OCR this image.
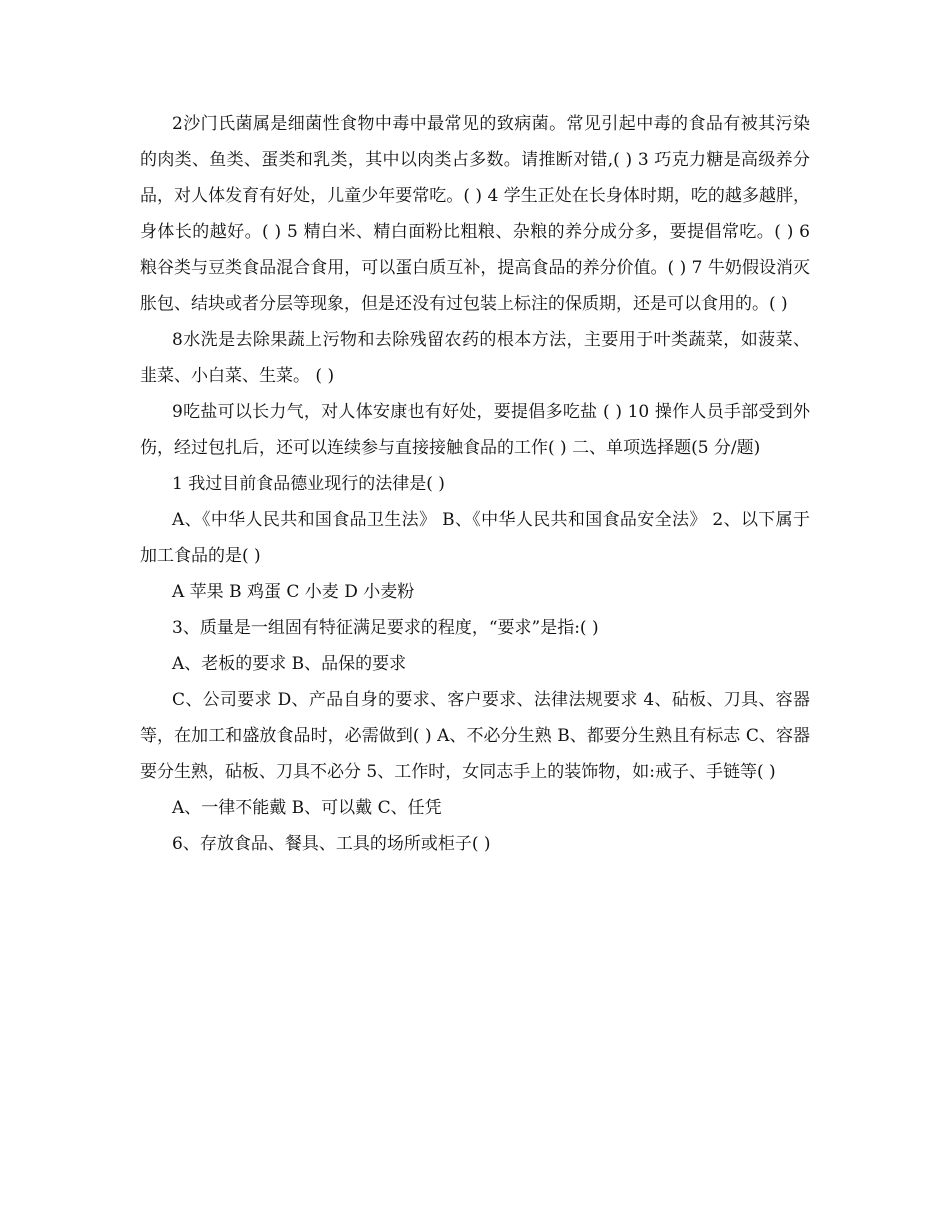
2沙门氏菌属是细菌性食物中毒中最常见的致病菌。常见引起中毒的食品有被其污染的肉类、鱼类、蛋类和乳类，其中以肉类占多数。请推断对错,( ) 3 巧克力糖是高级养分品，对人体发育有好处，儿童少年要常吃。( ) 4 学生正处在长身体时期，吃的越多越胖，身体长的越好。( ) 5 精白米、精白面粉比粗粮、杂粮的养分成分多，要提倡常吃。( ) 6 粮谷类与豆类食品混合食用，可以蛋白质互补，提高食品的养分价值。( ) 7 牛奶假设消灭胀包、结块或者分层等现象，但是还没有过包装上标注的保质期，还是可以食用的。( )

8水洗是去除果蔬上污物和去除残留农药的根本方法，主要用于叶类蔬菜，如菠菜、韭菜、小白菜、生菜。 ( )

9吃盐可以长力气，对人体安康也有好处，要提倡多吃盐 ( ) 10 操作人员手部受到外伤，经过包扎后，还可以连续参与直接接触食品的工作( ) 二、单项选择题(5 分/题)

1 我过目前食品德业现行的法律是( )

A、《中华人民共和国食品卫生法》 B、《中华人民共和国食品安全法》 2、以下属于加工食品的是( )

A 苹果 B 鸡蛋 C 小麦 D 小麦粉

3、质量是一组固有特征满足要求的程度，“要求”是指:( )

A、老板的要求 B、品保的要求

C、公司要求 D、产品自身的要求、客户要求、法律法规要求 4、砧板、刀具、容器等，在加工和盛放食品时，必需做到( ) A、不必分生熟 B、都要分生熟且有标志 C、容器要分生熟，砧板、刀具不必分 5、工作时，女同志手上的装饰物，如:戒子、手链等( )

A、一律不能戴 B、可以戴 C、任凭

6、存放食品、餐具、工具的场所或柜子( )
